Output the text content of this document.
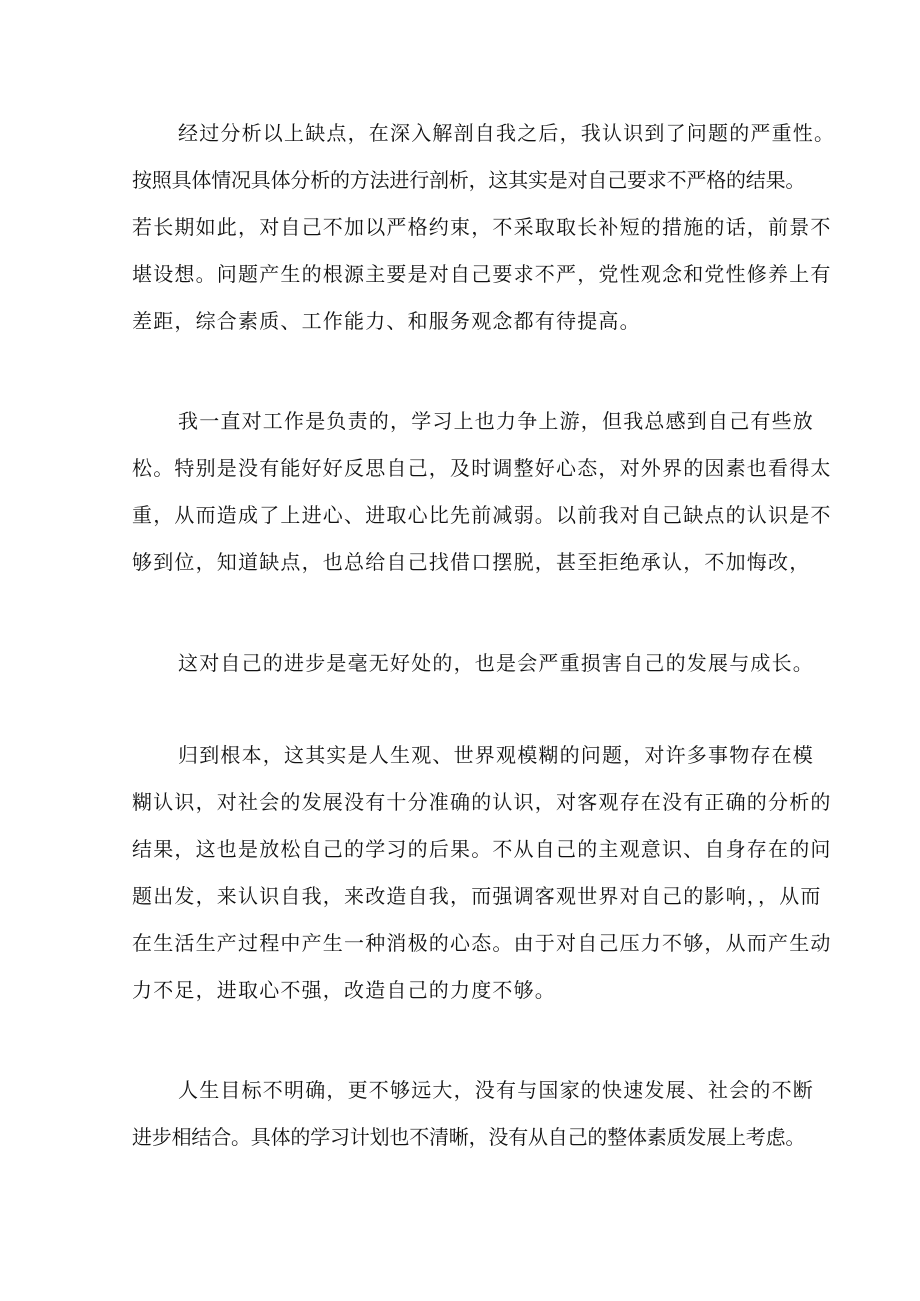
经过分析以上缺点，在深入解剖自我之后，我认识到了问题的严重性。
按照具体情况具体分析的方法进行剖析，这其实是对自己要求不严格的结果。
若长期如此，对自己不加以严格约束，不采取取长补短的措施的话，前景不
堪设想。问题产生的根源主要是对自己要求不严，党性观念和党性修养上有
差距，综合素质、工作能力、和服务观念都有待提高。
我一直对工作是负责的，学习上也力争上游，但我总感到自己有些放
松。特别是没有能好好反思自己，及时调整好心态，对外界的因素也看得太
重，从而造成了上进心、进取心比先前减弱。以前我对自己缺点的认识是不
够到位，知道缺点，也总给自己找借口摆脱，甚至拒绝承认，不加悔改，
这对自己的进步是毫无好处的，也是会严重损害自己的发展与成长。
归到根本，这其实是人生观、世界观模糊的问题，对许多事物存在模
糊认识，对社会的发展没有十分准确的认识，对客观存在没有正确的分析的
结果，这也是放松自己的学习的后果。不从自己的主观意识、自身存在的问
题出发，来认识自我，来改造自我，而强调客观世界对自己的影响，，从而
在生活生产过程中产生一种消极的心态。由于对自己压力不够，从而产生动
力不足，进取心不强，改造自己的力度不够。
人生目标不明确，更不够远大，没有与国家的快速发展、社会的不断
进步相结合。具体的学习计划也不清晰，没有从自己的整体素质发展上考虑。
